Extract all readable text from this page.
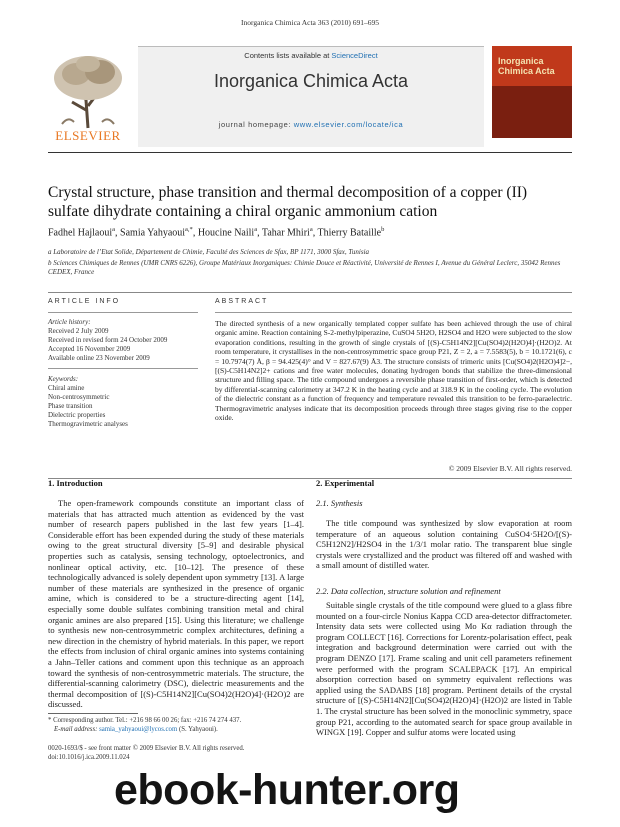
Inorganica Chimica Acta 363 (2010) 691–695
ELSEVIER
Contents lists available at ScienceDirect
Inorganica Chimica Acta
journal homepage: www.elsevier.com/locate/ica
Inorganica Chimica Acta
Crystal structure, phase transition and thermal decomposition of a copper (II) sulfate dihydrate containing a chiral organic ammonium cation
Fadhel Hajlaoui$^a$, Samia Yahyaoui$^{a,*}$, Houcine Naili$^a$, Tahar Mhiri$^a$, Thierry Bataille$^b$
a Laboratoire de l’Etat Solide, Département de Chimie, Faculté des Sciences de Sfax, BP 1171, 3000 Sfax, Tunisia
b Sciences Chimiques de Rennes (UMR CNRS 6226), Groupe Matériaux Inorganiques: Chimie Douce et Réactivité, Université de Rennes I, Avenue du Général Leclerc, 35042 Rennes CEDEX, France
ARTICLE INFO	ABSTRACT
Article history:
Received 2 July 2009
Received in revised form 24 October 2009
Accepted 16 November 2009
Available online 23 November 2009
Keywords:
Chiral amine
Non-centrosymmetric
Phase transition
Dielectric properties
Thermogravimetric analyses
The directed synthesis of a new organically templated copper sulfate has been achieved through the use of chiral organic amine. Reaction containing S-2-methylpiperazine, CuSO4 5H2O, H2SO4 and H2O were subjected to the slow evaporation conditions, resulting in the growth of single crystals of [(S)-C5H14N2][Cu(SO4)2(H2O)4]·(H2O)2. At room temperature, it crystallises in the non-centrosymmetric space group P21, Z = 2, a = 7.5583(5), b = 10.1721(6), c = 10.7974(7) Å, β = 94.425(4)° and V = 827.67(9) Å3. The structure consists of trimeric units [Cu(SO4)2(H2O)4]2−, [(S)-C5H14N2]2+ cations and free water molecules, donating hydrogen bonds that stabilize the three-dimensional structure and filling space. The title compound undergoes a reversible phase transition of first-order, which is detected by differential-scanning calorimetry at 347.2 K in the heating cycle and at 318.9 K in the cooling cycle. The evolution of the dielectric constant as a function of frequency and temperature revealed this transition to be ferro-paraelectric. Thermogravimetric analyses indicate that its decomposition proceeds through three stages giving rise to the copper oxide.
© 2009 Elsevier B.V. All rights reserved.
1. Introduction
The open-framework compounds constitute an important class of materials that has attracted much attention as evidenced by the vast number of research papers published in the last few years [1–4]. Considerable effort has been expended during the study of these materials owing to the great structural diversity [5–9] and desirable physical properties such as catalysis, sensing technology, optoelectronics, and nonlinear optical activity, etc. [10–12]. The presence of these technologically advanced is solely dependent upon symmetry [13]. A large number of these materials are synthesized in the presence of organic amine, which is considered to be a structure-directing agent [14], especially some double sulfates combining transition metal and chiral organic amines are also prepared [15]. Using this literature; we challenge to synthesis new non-centrosymmetric complex architectures, defining a new direction in the chemistry of hybrid materials. In this paper, we report the effects from inclusion of chiral organic amines into systems containing a Jahn–Teller cations and comment upon this technique as an approach toward the synthesis of non-centrosymmetric materials. The structure, the differential-scanning calorimetry (DSC), dielectric measurements and the thermal decomposition of [(S)-C5H14N2][Cu(SO4)2(H2O)4]·(H2O)2 are discussed.
* Corresponding author. Tel.: +216 98 66 00 26; fax: +216 74 274 437.
E-mail address: samia_yahyaoui@lycos.com (S. Yahyaoui).
0020-1693/$ - see front matter © 2009 Elsevier B.V. All rights reserved.
doi:10.1016/j.ica.2009.11.024
2. Experimental
2.1. Synthesis
The title compound was synthesized by slow evaporation at room temperature of an aqueous solution containing CuSO4·5H2O/[(S)-C5H12N2]/H2SO4 in the 1/3/1 molar ratio. The transparent blue single crystals were crystallized and the product was filtered off and washed with a small amount of distilled water.
2.2. Data collection, structure solution and refinement
Suitable single crystals of the title compound were glued to a glass fibre mounted on a four-circle Nonius Kappa CCD area-detector diffractometer. Intensity data sets were collected using Mo Kα radiation through the program COLLECT [16]. Corrections for Lorentz-polarisation effect, peak integration and background determination were carried out with the program DENZO [17]. Frame scaling and unit cell parameters refinement were performed with the program SCALEPACK [17]. An empirical absorption correction based on symmetry equivalent reflections was applied using the SADABS [18] program. Pertinent details of the crystal structure of [(S)-C5H14N2][Cu(SO4)2(H2O)4]·(H2O)2 are listed in Table 1. The crystal structure has been solved in the monoclinic symmetry, space group P21, according to the automated search for space group available in WINGX [19]. Copper and sulfur atoms were located using
ebook-hunter.org
